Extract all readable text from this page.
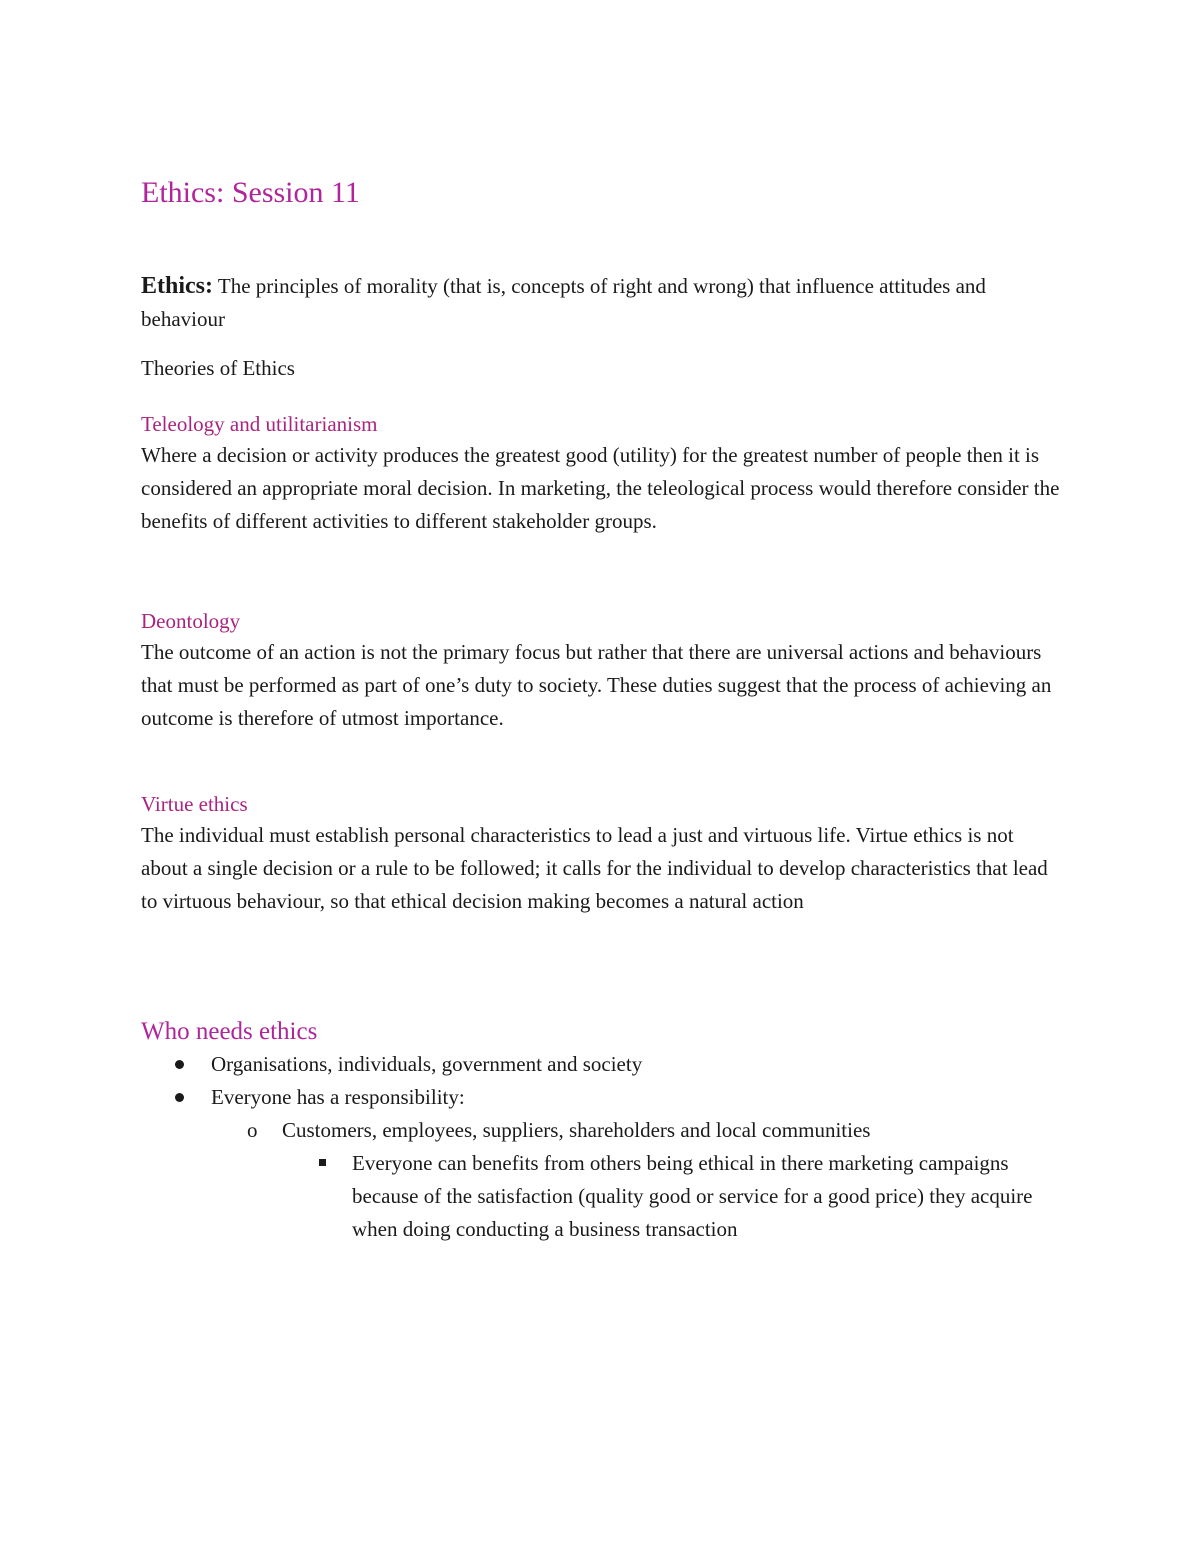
Ethics: Session 11
Ethics: The principles of morality (that is, concepts of right and wrong) that influence attitudes and behaviour
Theories of Ethics
Teleology and utilitarianism
Where a decision or activity produces the greatest good (utility) for the greatest number of people then it is considered an appropriate moral decision. In marketing, the teleological process would therefore consider the benefits of different activities to different stakeholder groups.
Deontology
The outcome of an action is not the primary focus but rather that there are universal actions and behaviours that must be performed as part of one’s duty to society. These duties suggest that the process of achieving an outcome is therefore of utmost importance.
Virtue ethics
The individual must establish personal characteristics to lead a just and virtuous life. Virtue ethics is not about a single decision or a rule to be followed; it calls for the individual to develop characteristics that lead to virtuous behaviour, so that ethical decision making becomes a natural action
Who needs ethics
Organisations, individuals, government and society
Everyone has a responsibility:
o Customers, employees, suppliers, shareholders and local communities
Everyone can benefits from others being ethical in there marketing campaigns because of the satisfaction (quality good or service for a good price) they acquire when doing conducting a business transaction
